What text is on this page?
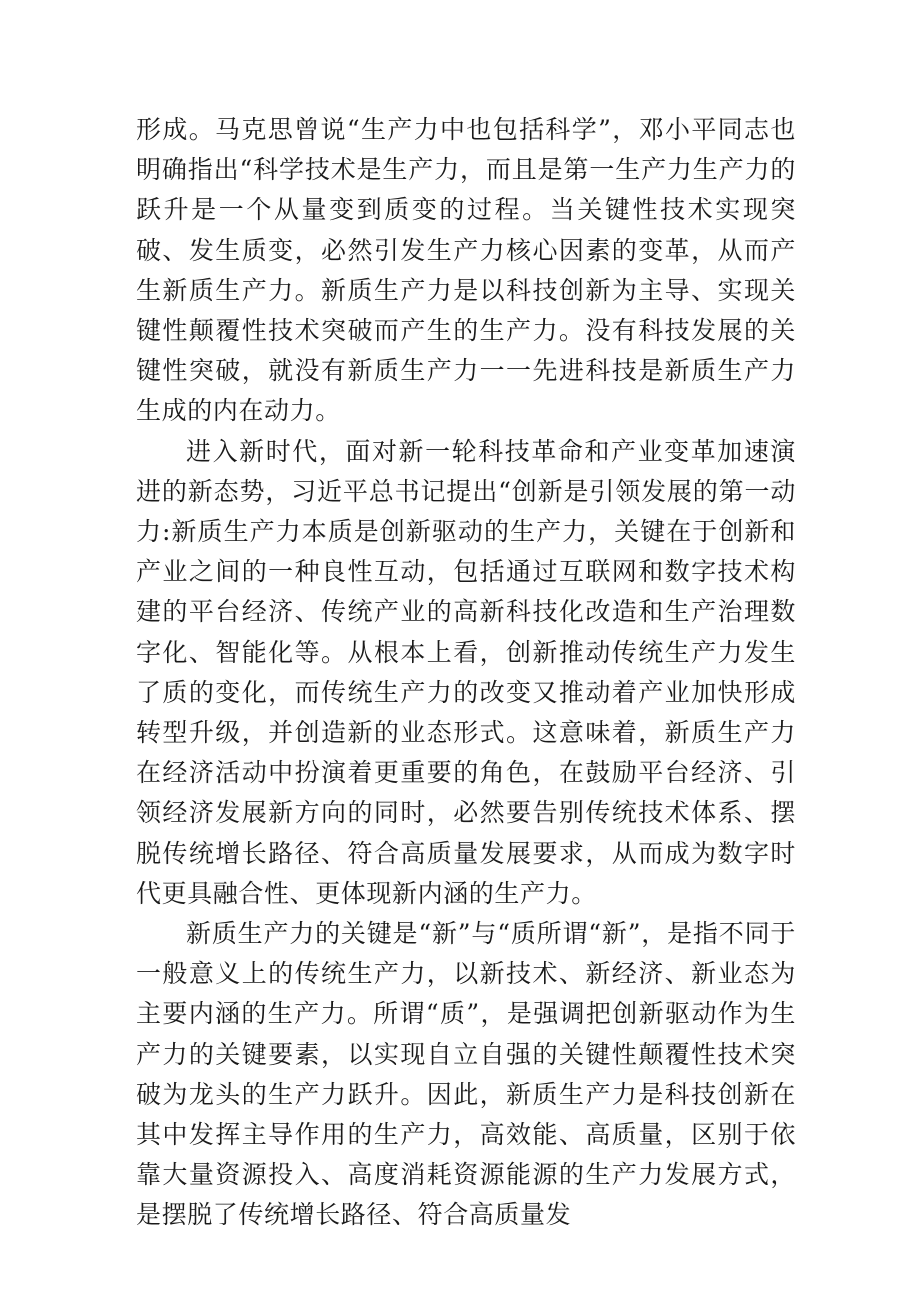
形成。马克思曾说“生产力中也包括科学”，邓小平同志也明确指出“科学技术是生产力，而且是第一生产力生产力的跃升是一个从量变到质变的过程。当关键性技术实现突破、发生质变，必然引发生产力核心因素的变革，从而产生新质生产力。新质生产力是以科技创新为主导、实现关键性颠覆性技术突破而产生的生产力。没有科技发展的关键性突破，就没有新质生产力一一先进科技是新质生产力生成的内在动力。

进入新时代，面对新一轮科技革命和产业变革加速演进的新态势，习近平总书记提出“创新是引领发展的第一动力:新质生产力本质是创新驱动的生产力，关键在于创新和产业之间的一种良性互动，包括通过互联网和数字技术构建的平台经济、传统产业的高新科技化改造和生产治理数字化、智能化等。从根本上看，创新推动传统生产力发生了质的变化，而传统生产力的改变又推动着产业加快形成转型升级，并创造新的业态形式。这意味着，新质生产力在经济活动中扮演着更重要的角色，在鼓励平台经济、引领经济发展新方向的同时，必然要告别传统技术体系、摆脱传统增长路径、符合高质量发展要求，从而成为数字时代更具融合性、更体现新内涵的生产力。

新质生产力的关键是“新”与“质所谓“新”，是指不同于一般意义上的传统生产力，以新技术、新经济、新业态为主要内涵的生产力。所谓“质”，是强调把创新驱动作为生产力的关键要素，以实现自立自强的关键性颠覆性技术突破为龙头的生产力跃升。因此，新质生产力是科技创新在其中发挥主导作用的生产力，高效能、高质量，区别于依靠大量资源投入、高度消耗资源能源的生产力发展方式，是摆脱了传统增长路径、符合高质量发
